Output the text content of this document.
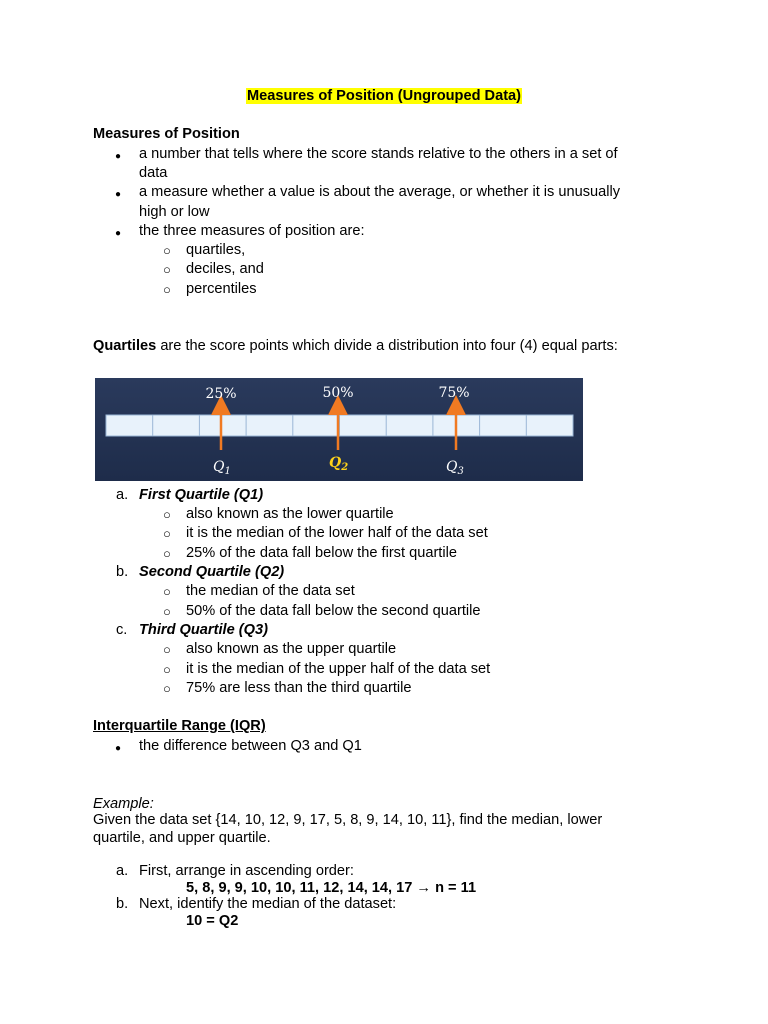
Measures of Position (Ungrouped Data)
Measures of Position
● a number that tells where the score stands relative to the others in a set of
data
● a measure whether a value is about the average, or whether it is unusually
high or low
● the three measures of position are:
○ quartiles,
○ deciles, and
○ percentiles
Quartiles are the score points which divide a distribution into four (4) equal parts:
25%	50%	75%
$Q_1$
$Q_2$	$Q_3$
a. First Quartile (Q1)
○ also known as the lower quartile
○ it is the median of the lower half of the data set
○ 25% of the data fall below the first quartile
b. Second Quartile (Q2)
○ the median of the data set
○ 50% of the data fall below the second quartile
c. Third Quartile (Q3)
○ also known as the upper quartile
○ it is the median of the upper half of the data set
○ 75% are less than the third quartile
Interquartile Range (IQR)
● the difference between Q3 and Q1
Example:
Given the data set {14, 10, 12, 9, 17, 5, 8, 9, 14, 10, 11}, find the median, lower
quartile, and upper quartile.
a. First, arrange in ascending order:
5, 8, 9, 9, 10, 10, 11, 12, 14, 14, 17 → n = 11
b. Next, identify the median of the dataset:
10 = Q2
